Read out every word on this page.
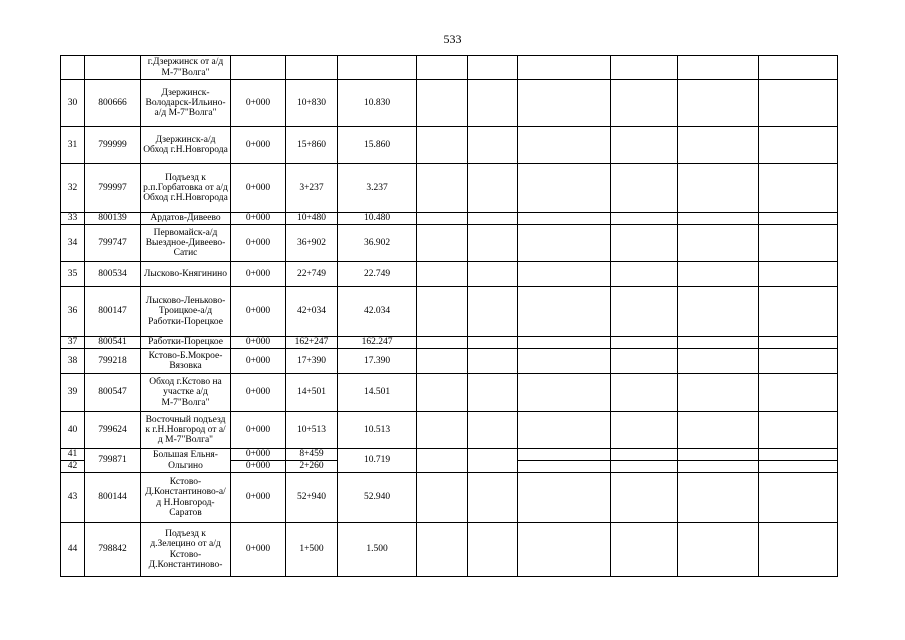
533
		г.Дзержинск от а/д М-7"Волга"									
30	800666	Дзержинск-Володарск-Ильино-а/д М-7"Волга"	0+000	10+830	10.830						
31	799999	Дзержинск-а/д Обход г.Н.Новгорода	0+000	15+860	15.860						
32	799997	Подъезд к р.п.Горбатовка от а/д Обход г.Н.Новгорода	0+000	3+237	3.237						
33	800139	Ардатов-Дивеево	0+000	10+480	10.480						
34	799747	Первомайск-а/д Выездное-Дивеево-Сатис	0+000	36+902	36.902						
35	800534	Лысково-Княгинино	0+000	22+749	22.749						
36	800147	Лысково-Леньково-Троицкое-а/д Работки-Порецкое	0+000	42+034	42.034						
37	800541	Работки-Порецкое	0+000	162+247	162.247						
38	799218	Кстово-Б.Мокрое-Вязовка	0+000	17+390	17.390						
39	800547	Обход г.Кстово на участке а/д М-7"Волга"	0+000	14+501	14.501						
40	799624	Восточный подъезд к г.Н.Новгород от а/д М-7"Волга"	0+000	10+513	10.513						
41	799871	Большая Ельня-Ольгино	0+000	8+459	10.719						
42			0+000	2+260							
43	800144	Кстово-Д.Константиново-а/д Н.Новгород-Саратов	0+000	52+940	52.940						
44	798842	Подъезд к д.Зелецино от а/д Кстово-Д.Константиново-	0+000	1+500	1.500						
